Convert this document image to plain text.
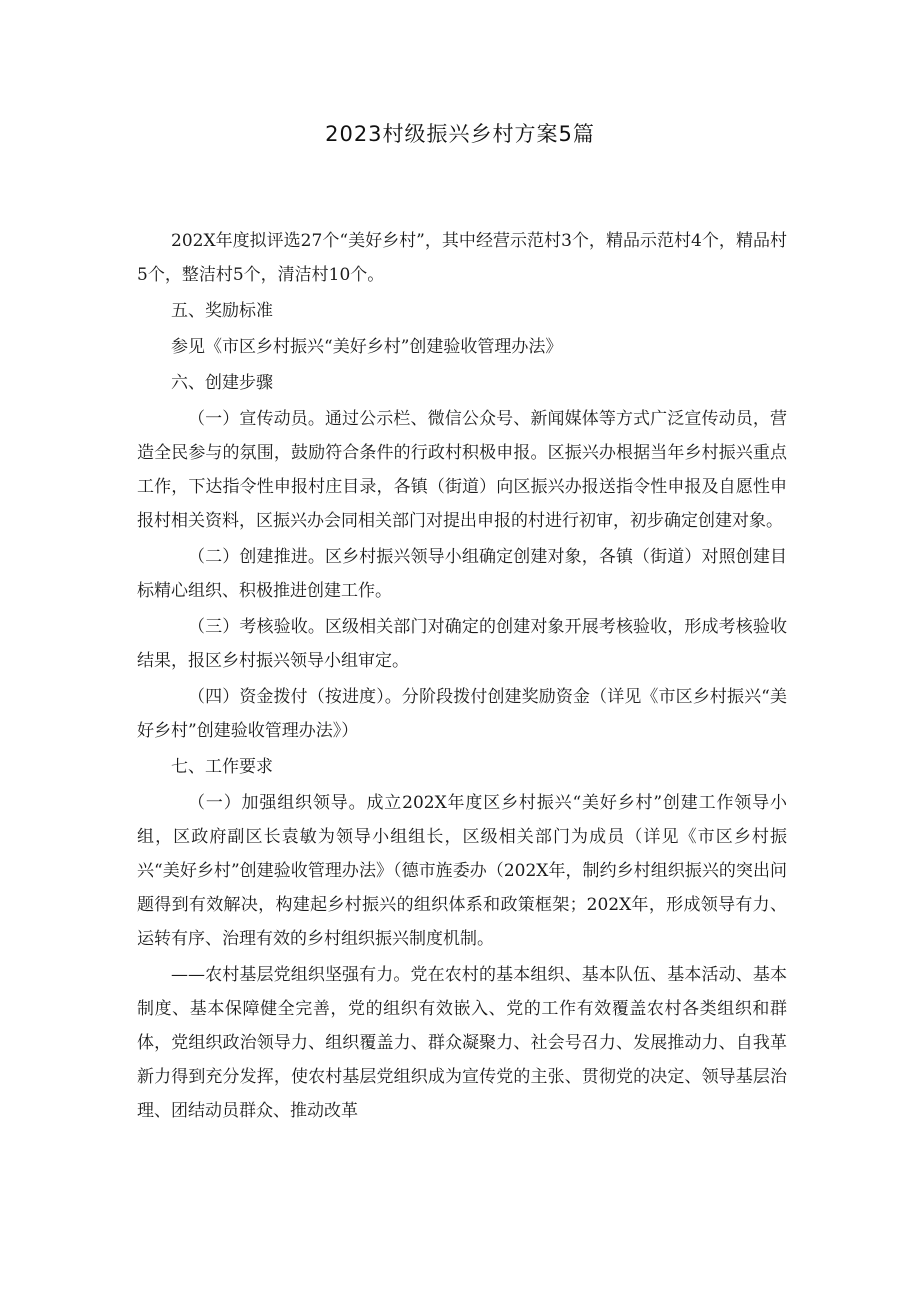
2023村级振兴乡村方案5篇

202X年度拟评选27个“美好乡村”，其中经营示范村3个，精品示范村4个，精品村5个，整洁村5个，清洁村10个。

五、奖励标准

参见《市区乡村振兴“美好乡村”创建验收管理办法》

六、创建步骤

（一）宣传动员。通过公示栏、微信公众号、新闻媒体等方式广泛宣传动员，营造全民参与的氛围，鼓励符合条件的行政村积极申报。区振兴办根据当年乡村振兴重点工作，下达指令性申报村庄目录，各镇（街道）向区振兴办报送指令性申报及自愿性申报村相关资料，区振兴办会同相关部门对提出申报的村进行初审，初步确定创建对象。

（二）创建推进。区乡村振兴领导小组确定创建对象，各镇（街道）对照创建目标精心组织、积极推进创建工作。

（三）考核验收。区级相关部门对确定的创建对象开展考核验收，形成考核验收结果，报区乡村振兴领导小组审定。

（四）资金拨付（按进度）。分阶段拨付创建奖励资金（详见《市区乡村振兴“美好乡村”创建验收管理办法》）

七、工作要求

（一）加强组织领导。成立202X年度区乡村振兴“美好乡村”创建工作领导小组，区政府副区长袁敏为领导小组组长，区级相关部门为成员（详见《市区乡村振兴“美好乡村”创建验收管理办法》（德市旌委办（202X年，制约乡村组织振兴的突出问题得到有效解决，构建起乡村振兴的组织体系和政策框架；202X年，形成领导有力、运转有序、治理有效的乡村组织振兴制度机制。

——农村基层党组织坚强有力。党在农村的基本组织、基本队伍、基本活动、基本制度、基本保障健全完善，党的组织有效嵌入、党的工作有效覆盖农村各类组织和群体，党组织政治领导力、组织覆盖力、群众凝聚力、社会号召力、发展推动力、自我革新力得到充分发挥，使农村基层党组织成为宣传党的主张、贯彻党的决定、领导基层治理、团结动员群众、推动改革
